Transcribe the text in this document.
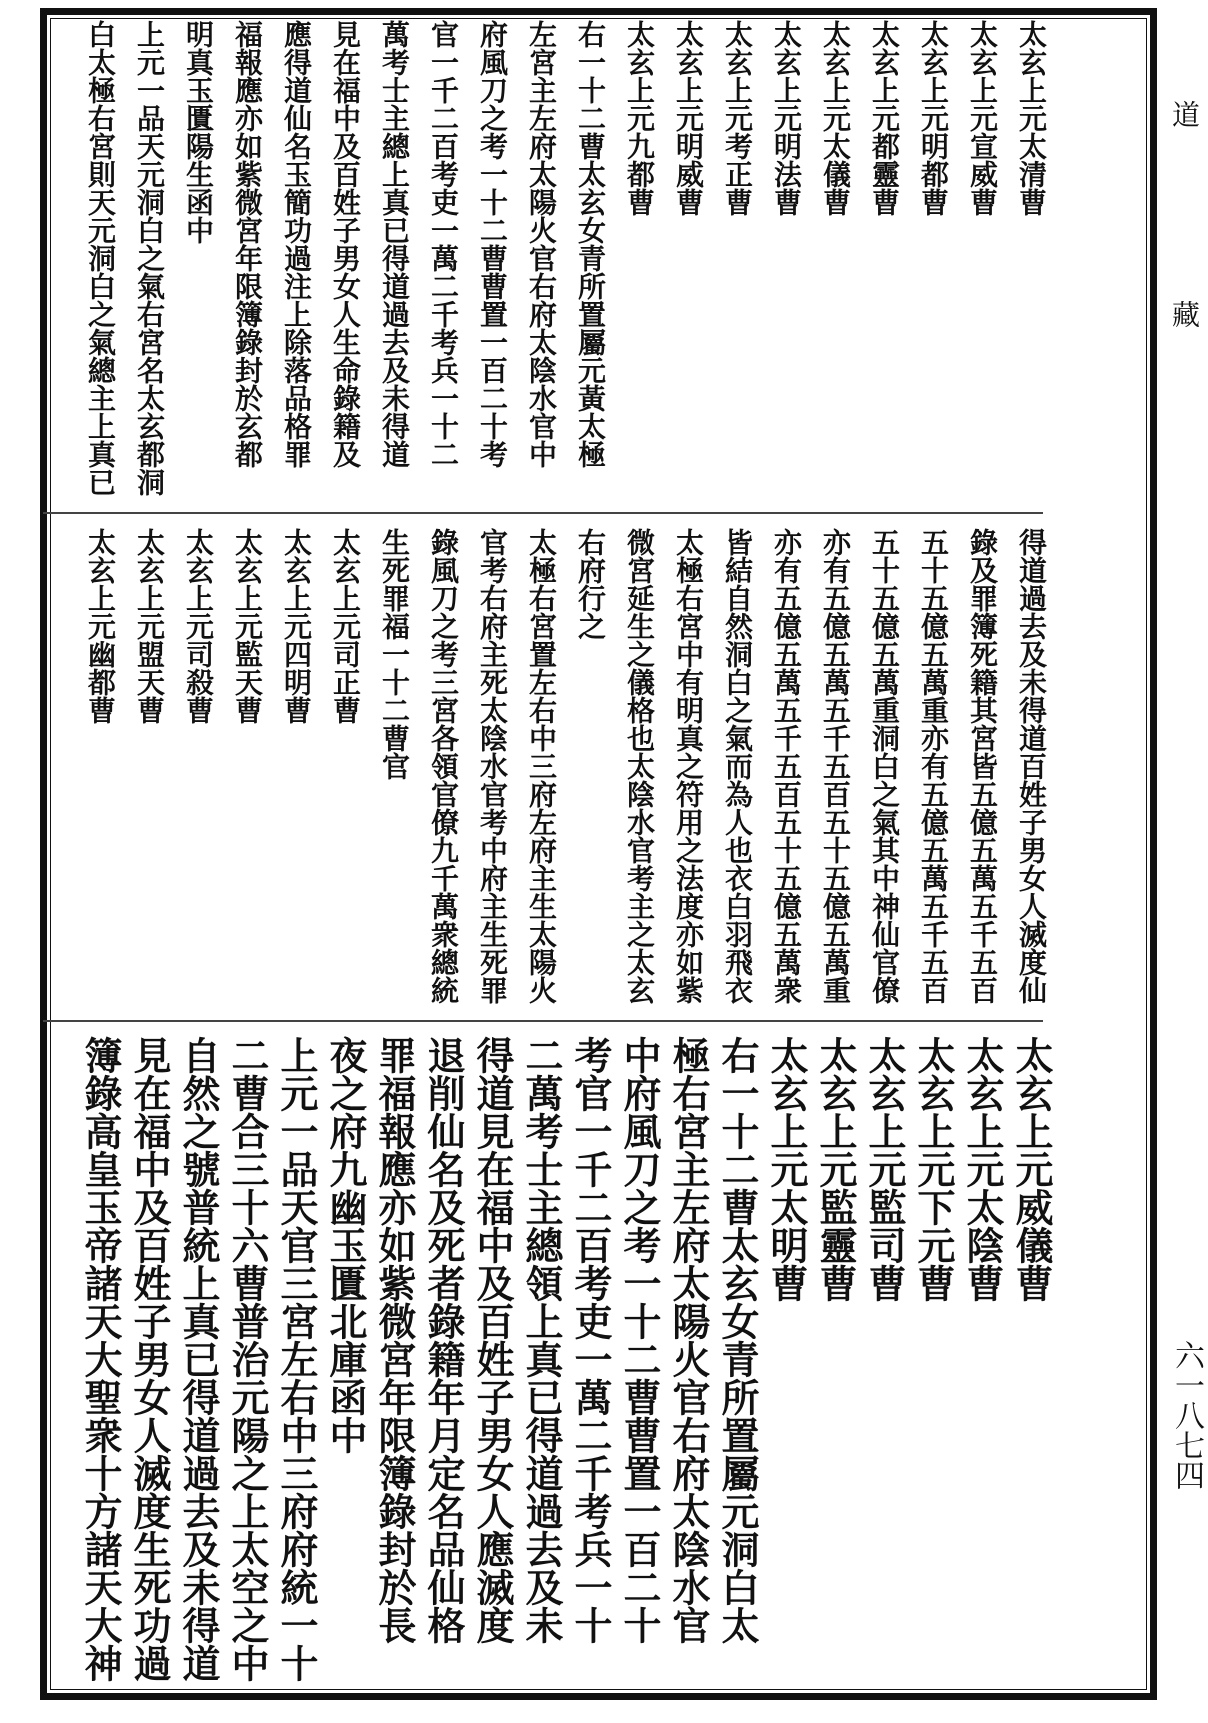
太玄上元太清曹
太玄上元宣威曹
太玄上元明都曹
太玄上元都靈曹
太玄上元太儀曹
太玄上元明法曹
太玄上元考正曹
太玄上元明威曹
太玄上元九都曹
右一十二曹太玄女青所置屬元黃太極
左宮主左府太陽火官右府太陰水官中
府風刀之考一十二曹曹置一百二十考
官一千二百考吏一萬二千考兵一十二
萬考士主總上真已得道過去及未得道
見在福中及百姓子男女人生命錄籍及
應得道仙名玉簡功過注上除落品格罪
福報應亦如紫微宮年限簿錄封於玄都
明真玉匱陽生函中
上元一品天元洞白之氣右宮名太玄都洞
白太極右宮則天元洞白之氣總主上真已
得道過去及未得道百姓子男女人滅度仙
錄及罪簿死籍其宮皆五億五萬五千五百
五十五億五萬重亦有五億五萬五千五百
五十五億五萬重洞白之氣其中神仙官僚
亦有五億五萬五千五百五十五億五萬重
亦有五億五萬五千五百五十五億五萬衆
皆結自然洞白之氣而為人也衣白羽飛衣
太極右宮中有明真之符用之法度亦如紫
微宮延生之儀格也太陰水官考主之太玄
右府行之
太極右宮置左右中三府左府主生太陽火
官考右府主死太陰水官考中府主生死罪
錄風刀之考三宮各領官僚九千萬衆總統
生死罪福一十二曹官
太玄上元司正曹
太玄上元四明曹
太玄上元監天曹
太玄上元司殺曹
太玄上元盟天曹
太玄上元幽都曹
太玄上元威儀曹
太玄上元太陰曹
太玄上元下元曹
太玄上元監司曹
太玄上元監靈曹
太玄上元太明曹
右一十二曹太玄女青所置屬元洞白太
極右宮主左府太陽火官右府太陰水官
中府風刀之考一十二曹曹置一百二十
考官一千二百考吏一萬二千考兵一十
二萬考士主總領上真已得道過去及未
得道見在福中及百姓子男女人應滅度
退削仙名及死者錄籍年月定名品仙格
罪福報應亦如紫微宮年限簿錄封於長
夜之府九幽玉匱北庫函中
上元一品天官三宮左右中三府府統一十
二曹合三十六曹普治元陽之上太空之中
自然之號普統上真已得道過去及未得道
見在福中及百姓子男女人滅度生死功過
簿錄高皇玉帝諸天大聖衆十方諸天大神
道
藏
六一八七四
